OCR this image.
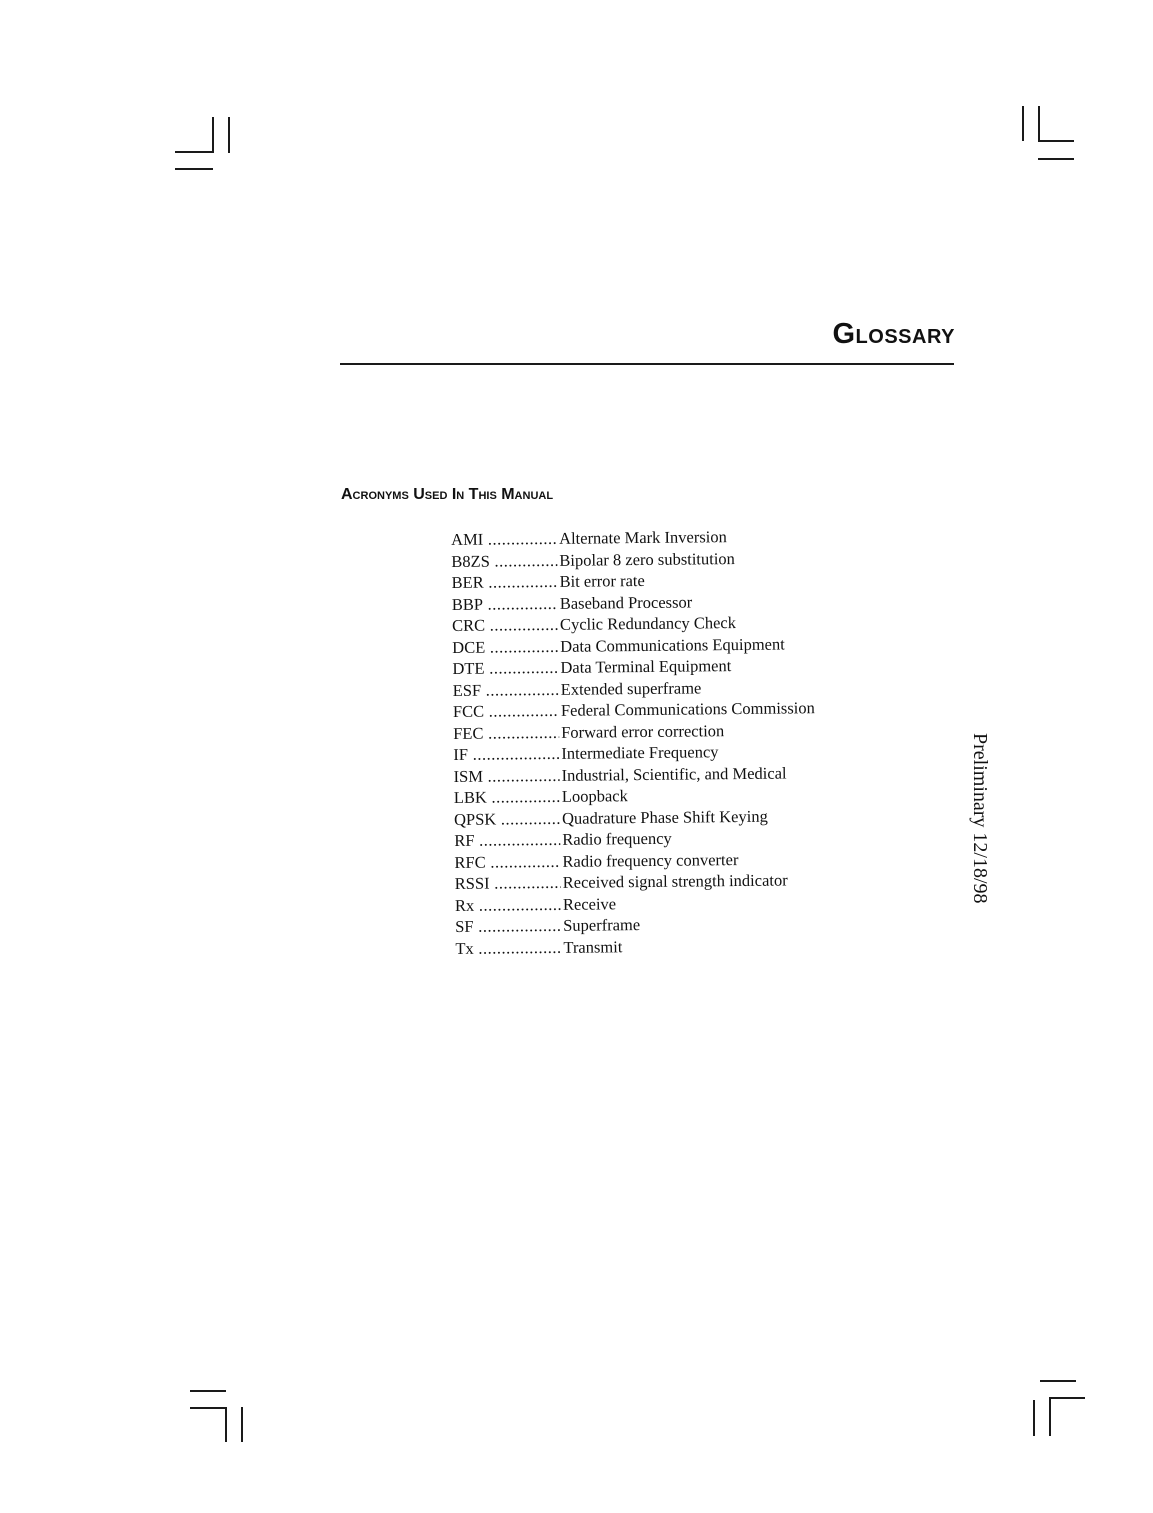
Glossary
Acronyms Used In This Manual
AMI .....	Alternate Mark Inversion
B8ZS .....	Bipolar 8 zero substitution
BER .....	Bit error rate
BBP .....	Baseband Processor
CRC .....	Cyclic Redundancy Check
DCE .....	Data Communications Equipment
DTE .....	Data Terminal Equipment
ESF .....	Extended superframe
FCC .....	Federal Communications Commission
FEC .....	Forward error correction
IF .....	Intermediate Frequency
ISM .....	Industrial, Scientific, and Medical
LBK .....	Loopback
QPSK .....	Quadrature Phase Shift Keying
RF .....	Radio frequency
RFC .....	Radio frequency converter
RSSI .....	Received signal strength indicator
Rx .....	Receive
SF .....	Superframe
Tx .....	Transmit
Preliminary 12/18/98
